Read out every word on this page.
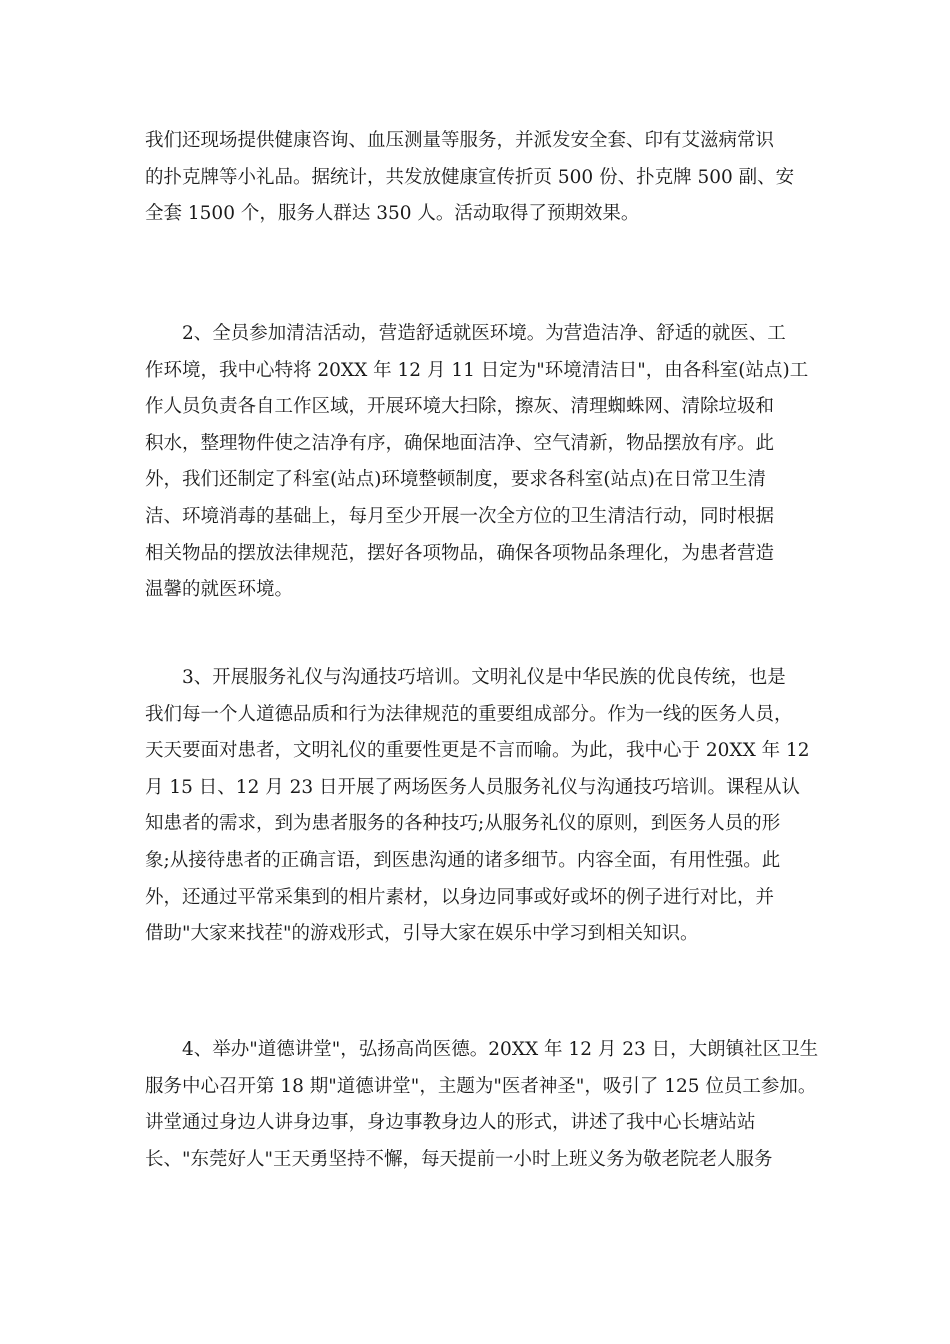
我们还现场提供健康咨询、血压测量等服务，并派发安全套、印有艾滋病常识
的扑克牌等小礼品。据统计，共发放健康宣传折页 500 份、扑克牌 500 副、安
全套 1500 个，服务人群达 350 人。活动取得了预期效果。

　　2、全员参加清洁活动，营造舒适就医环境。为营造洁净、舒适的就医、工
作环境，我中心特将 20XX 年 12 月 11 日定为"环境清洁日"，由各科室(站点)工
作人员负责各自工作区域，开展环境大扫除，擦灰、清理蜘蛛网、清除垃圾和
积水，整理物件使之洁净有序，确保地面洁净、空气清新，物品摆放有序。此
外，我们还制定了科室(站点)环境整顿制度，要求各科室(站点)在日常卫生清
洁、环境消毒的基础上，每月至少开展一次全方位的卫生清洁行动，同时根据
相关物品的摆放法律规范，摆好各项物品，确保各项物品条理化，为患者营造
温馨的就医环境。

　　3、开展服务礼仪与沟通技巧培训。文明礼仪是中华民族的优良传统，也是
我们每一个人道德品质和行为法律规范的重要组成部分。作为一线的医务人员，
天天要面对患者，文明礼仪的重要性更是不言而喻。为此，我中心于 20XX 年 12
月 15 日、12 月 23 日开展了两场医务人员服务礼仪与沟通技巧培训。课程从认
知患者的需求，到为患者服务的各种技巧;从服务礼仪的原则，到医务人员的形
象;从接待患者的正确言语，到医患沟通的诸多细节。内容全面，有用性强。此
外，还通过平常采集到的相片素材，以身边同事或好或坏的例子进行对比，并
借助"大家来找茬"的游戏形式，引导大家在娱乐中学习到相关知识。

　　4、举办"道德讲堂"，弘扬高尚医德。20XX 年 12 月 23 日，大朗镇社区卫生
服务中心召开第 18 期"道德讲堂"，主题为"医者神圣"，吸引了 125 位员工参加。
讲堂通过身边人讲身边事，身边事教身边人的形式，讲述了我中心长塘站站
长、"东莞好人"王天勇坚持不懈，每天提前一小时上班义务为敬老院老人服务
